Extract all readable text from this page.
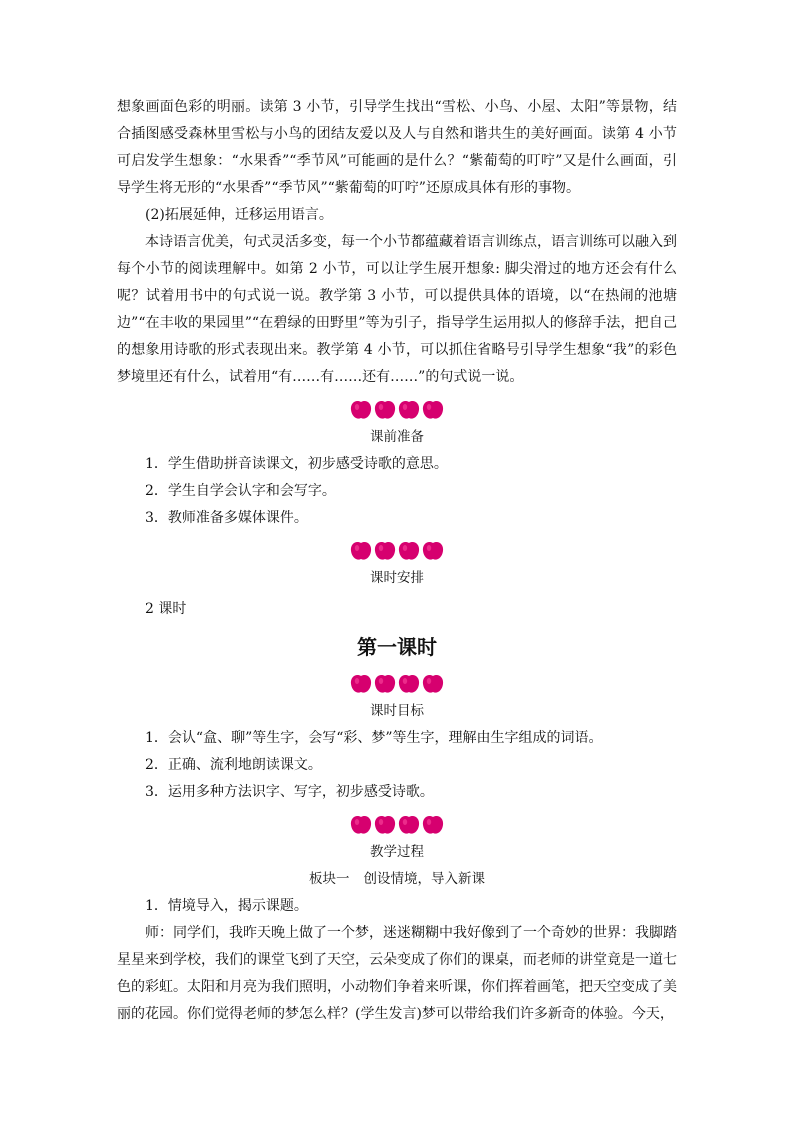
想象画面色彩的明丽。读第 3 小节，引导学生找出“雪松、小鸟、小屋、太阳”等景物，结合插图感受森林里雪松与小鸟的团结友爱以及人与自然和谐共生的美好画面。读第 4 小节可启发学生想象：“水果香”“季节风”可能画的是什么？“紫葡萄的叮咛”又是什么画面，引导学生将无形的“水果香”“季节风”“紫葡萄的叮咛”还原成具体有形的事物。

(2)拓展延伸，迁移运用语言。

本诗语言优美，句式灵活多变，每一个小节都蕴藏着语言训练点，语言训练可以融入到每个小节的阅读理解中。如第 2 小节，可以让学生展开想象: 脚尖滑过的地方还会有什么呢？试着用书中的句式说一说。教学第 3 小节，可以提供具体的语境，以“在热闹的池塘边”“在丰收的果园里”“在碧绿的田野里”等为引子，指导学生运用拟人的修辞手法，把自己的想象用诗歌的形式表现出来。教学第 4 小节，可以抓住省略号引导学生想象“我”的彩色梦境里还有什么，试着用“有……有……还有……”的句式说一说。

课前准备
1．学生借助拼音读课文，初步感受诗歌的意思。
2．学生自学会认字和会写字。
3．教师准备多媒体课件。
课时安排
2 课时
第一课时
课时目标
1．会认“盒、聊”等生字，会写“彩、梦”等生字，理解由生字组成的词语。
2．正确、流利地朗读课文。
3．运用多种方法识字、写字，初步感受诗歌。
教学过程
板块一 创设情境，导入新课
1．情境导入，揭示课题。

师：同学们，我昨天晚上做了一个梦，迷迷糊糊中我好像到了一个奇妙的世界：我脚踏星星来到学校，我们的课堂飞到了天空，云朵变成了你们的课桌，而老师的讲堂竟是一道七色的彩虹。太阳和月亮为我们照明，小动物们争着来听课，你们挥着画笔，把天空变成了美丽的花园。你们觉得老师的梦怎么样？(学生发言)梦可以带给我们许多新奇的体验。今天，
